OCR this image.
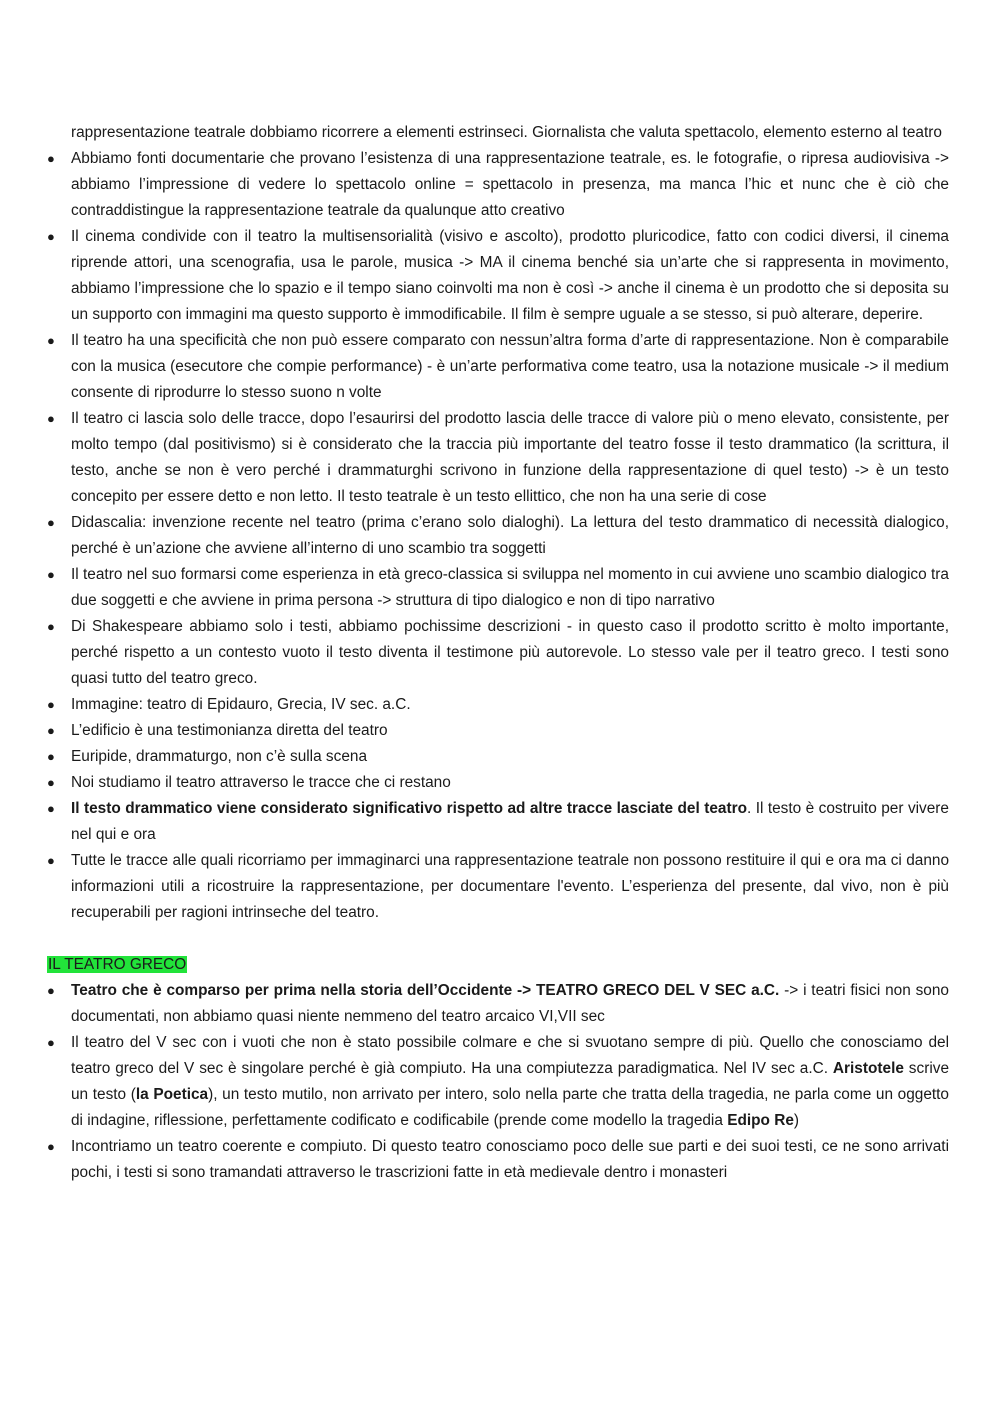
rappresentazione teatrale dobbiamo ricorrere a elementi estrinseci. Giornalista che valuta spettacolo, elemento esterno al teatro

●	Abbiamo fonti documentarie che provano l’esistenza di una rappresentazione teatrale, es. le fotografie, o ripresa audiovisiva -> abbiamo l’impressione di vedere lo spettacolo online = spettacolo in presenza, ma manca l’hic et nunc che è ciò che contraddistingue la rappresentazione teatrale da qualunque atto creativo
●	Il cinema condivide con il teatro la multisensorialità (visivo e ascolto), prodotto pluricodice, fatto con codici diversi, il cinema riprende attori, una scenografia, usa le parole, musica -> MA il cinema benché sia un’arte che si rappresenta in movimento, abbiamo l’impressione che lo spazio e il tempo siano coinvolti ma non è così -> anche il cinema è un prodotto che si deposita su un supporto con immagini ma questo supporto è immodificabile. Il film è sempre uguale a se stesso, si può alterare, deperire.
●	Il teatro ha una specificità che non può essere comparato con nessun’altra forma d’arte di rappresentazione. Non è comparabile con la musica (esecutore che compie performance) - è un’arte performativa come teatro, usa la notazione musicale -> il medium consente di riprodurre lo stesso suono n volte
●	Il teatro ci lascia solo delle tracce, dopo l’esaurirsi del prodotto lascia delle tracce di valore più o meno elevato, consistente, per molto tempo (dal positivismo) si è considerato che la traccia più importante del teatro fosse il testo drammatico (la scrittura, il testo, anche se non è vero perché i drammaturghi scrivono in funzione della rappresentazione di quel testo) -> è un testo concepito per essere detto e non letto. Il testo teatrale è un testo ellittico, che non ha una serie di cose
●	Didascalia: invenzione recente nel teatro (prima c’erano solo dialoghi). La lettura del testo drammatico di necessità dialogico, perché è un’azione che avviene all’interno di uno scambio tra soggetti
●	Il teatro nel suo formarsi come esperienza in età greco-classica si sviluppa nel momento in cui avviene uno scambio dialogico tra due soggetti e che avviene in prima persona -> struttura di tipo dialogico e non di tipo narrativo
●	Di Shakespeare abbiamo solo i testi, abbiamo pochissime descrizioni - in questo caso il prodotto scritto è molto importante, perché rispetto a un contesto vuoto il testo diventa il testimone più autorevole. Lo stesso vale per il teatro greco. I testi sono quasi tutto del teatro greco.
●	Immagine: teatro di Epidauro, Grecia, IV sec. a.C.
●	L’edificio è una testimonianza diretta del teatro
●	Euripide, drammaturgo, non c’è sulla scena
●	Noi studiamo il teatro attraverso le tracce che ci restano
●	Il testo drammatico viene considerato significativo rispetto ad altre tracce lasciate del teatro. Il testo è costruito per vivere nel qui e ora
●	Tutte le tracce alle quali ricorriamo per immaginarci una rappresentazione teatrale non possono restituire il qui e ora ma ci danno informazioni utili a ricostruire la rappresentazione, per documentare l'evento. L’esperienza del presente, dal vivo, non è più recuperabili per ragioni intrinseche del teatro.
IL TEATRO GRECO
●	Teatro che è comparso per prima nella storia dell’Occidente -> TEATRO GRECO DEL V SEC a.C. -> i teatri fisici non sono documentati, non abbiamo quasi niente nemmeno del teatro arcaico VI,VII sec
●	Il teatro del V sec con i vuoti che non è stato possibile colmare e che si svuotano sempre di più. Quello che conosciamo del teatro greco del V sec è singolare perché è già compiuto. Ha una compiutezza paradigmatica. Nel IV sec a.C. Aristotele scrive un testo (la Poetica), un testo mutilo, non arrivato per intero, solo nella parte che tratta della tragedia, ne parla come un oggetto di indagine, riflessione, perfettamente codificato e codificabile (prende come modello la tragedia Edipo Re)
●	Incontriamo un teatro coerente e compiuto. Di questo teatro conosciamo poco delle sue parti e dei suoi testi, ce ne sono arrivati pochi, i testi si sono tramandati attraverso le trascrizioni fatte in età medievale dentro i monasteri
